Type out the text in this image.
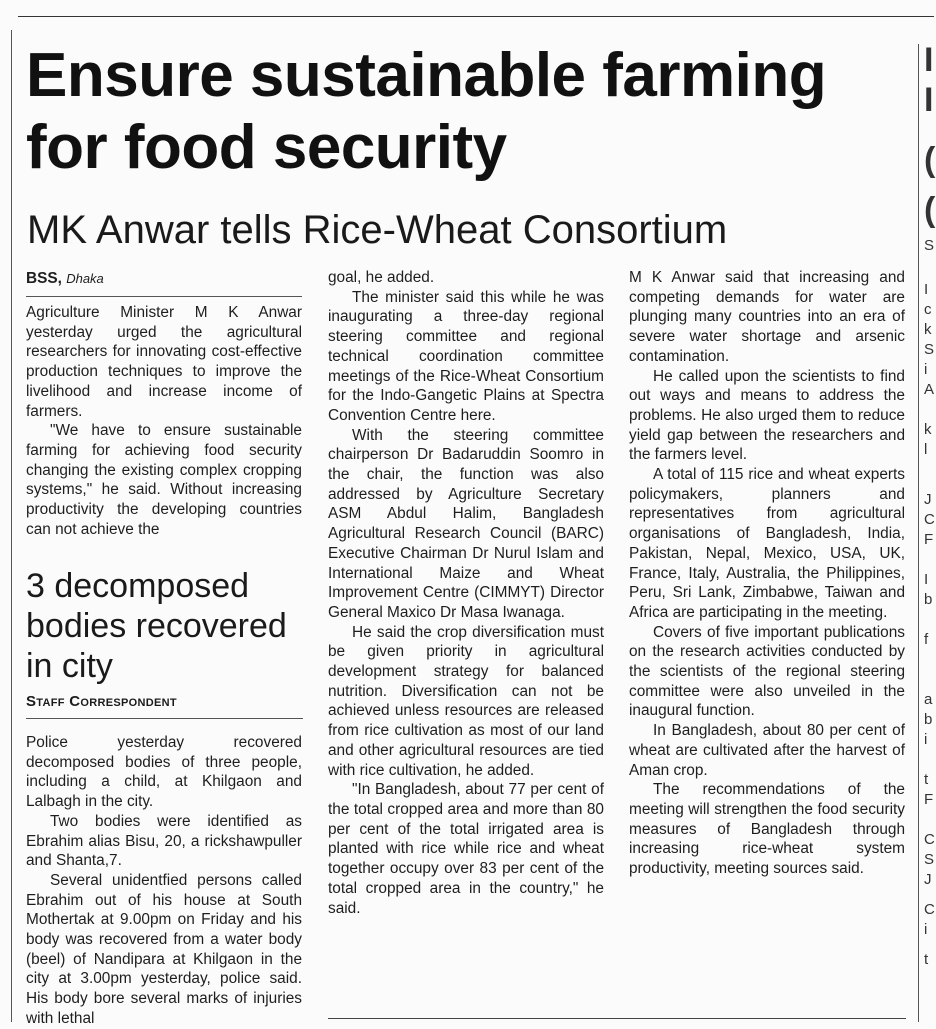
Ensure sustainable farming for food security
MK Anwar tells Rice-Wheat Consortium
BSS, Dhaka

Agriculture Minister M K Anwar yesterday urged the agricultural researchers for innovating cost-effective production techniques to improve the livelihood and increase income of farmers.

"We have to ensure sustainable farming for achieving food security changing the existing complex cropping systems," he said. Without increasing productivity the developing countries can not achieve the

3 decomposed bodies recovered in city
Staff Correspondent

Police yesterday recovered decomposed bodies of three people, including a child, at Khilgaon and Lalbagh in the city.

Two bodies were identified as Ebrahim alias Bisu, 20, a rickshawpuller and Shanta,7.

Several unidentfied persons called Ebrahim out of his house at South Mothertak at 9.00pm on Friday and his body was recovered from a water body (beel) of Nandipara at Khilgaon in the city at 3.00pm yesterday, police said. His body bore several marks of injuries with lethal

goal, he added.

The minister said this while he was inaugurating a three-day regional steering committee and regional technical coordination committee meetings of the Rice-Wheat Consortium for the Indo-Gangetic Plains at Spectra Convention Centre here.

With the steering committee chairperson Dr Badaruddin Soomro in the chair, the function was also addressed by Agriculture Secretary ASM Abdul Halim, Bangladesh Agricultural Research Council (BARC) Executive Chairman Dr Nurul Islam and International Maize and Wheat Improvement Centre (CIMMYT) Director General Maxico Dr Masa Iwanaga.

He said the crop diversification must be given priority in agricultural development strategy for balanced nutrition. Diversification can not be achieved unless resources are released from rice cultivation as most of our land and other agricultural resources are tied with rice cultivation, he added.

"In Bangladesh, about 77 per cent of the total cropped area and more than 80 per cent of the total irrigated area is planted with rice while rice and wheat together occupy over 83 per cent of the total cropped area in the country," he said.

M K Anwar said that increasing and competing demands for water are plunging many countries into an era of severe water shortage and arsenic contamination.

He called upon the scientists to find out ways and means to address the problems. He also urged them to reduce yield gap between the researchers and the farmers level.

A total of 115 rice and wheat experts policymakers, planners and representatives from agricultural organisations of Bangladesh, India, Pakistan, Nepal, Mexico, USA, UK, France, Italy, Australia, the Philippines, Peru, Sri Lank, Zimbabwe, Taiwan and Africa are participating in the meeting.

Covers of five important publications on the research activities conducted by the scientists of the regional steering committee were also unveiled in the inaugural function.

In Bangladesh, about 80 per cent of wheat are cultivated after the harvest of Aman crop.

The recommendations of the meeting will strengthen the food security measures of Bangladesh through increasing rice-wheat system productivity, meeting sources said.

I
I
(
(
S
I
c
k
S
i
A
k
l
J
C
F
I
b
f
a
b
i
t
F
C
S
J
C
i
t
